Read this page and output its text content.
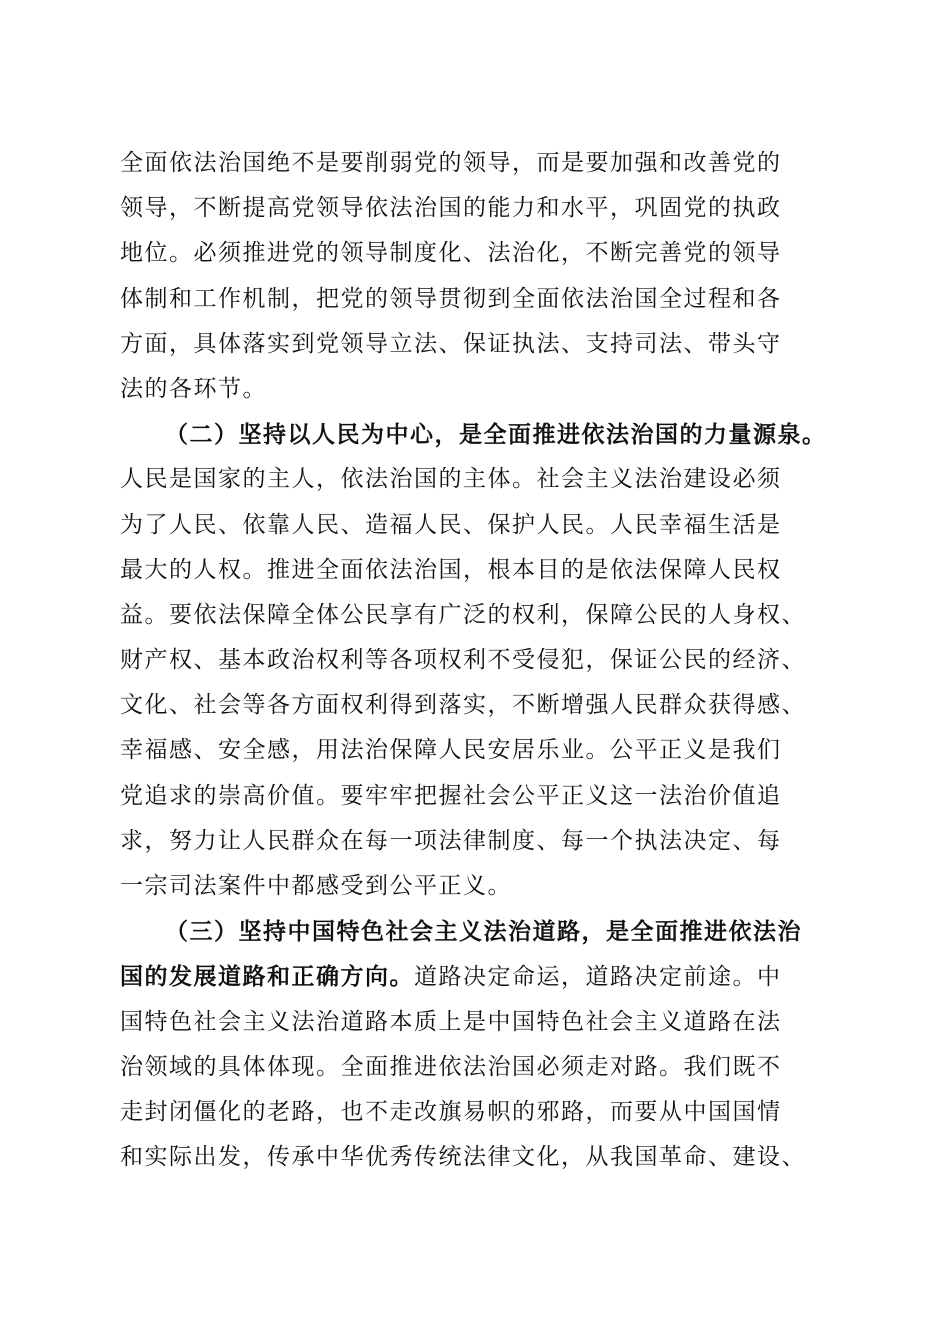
全面依法治国绝不是要削弱党的领导，而是要加强和改善党的
领导，不断提高党领导依法治国的能力和水平，巩固党的执政
地位。必须推进党的领导制度化、法治化，不断完善党的领导
体制和工作机制，把党的领导贯彻到全面依法治国全过程和各
方面，具体落实到党领导立法、保证执法、支持司法、带头守
法的各环节。
（二）坚持以人民为中心，是全面推进依法治国的力量源泉。
人民是国家的主人，依法治国的主体。社会主义法治建设必须
为了人民、依靠人民、造福人民、保护人民。人民幸福生活是
最大的人权。推进全面依法治国，根本目的是依法保障人民权
益。要依法保障全体公民享有广泛的权利，保障公民的人身权、
财产权、基本政治权利等各项权利不受侵犯，保证公民的经济、
文化、社会等各方面权利得到落实，不断增强人民群众获得感、
幸福感、安全感，用法治保障人民安居乐业。公平正义是我们
党追求的崇高价值。要牢牢把握社会公平正义这一法治价值追
求，努力让人民群众在每一项法律制度、每一个执法决定、每
一宗司法案件中都感受到公平正义。
（三）坚持中国特色社会主义法治道路，是全面推进依法治
国的发展道路和正确方向。道路决定命运，道路决定前途。中
国特色社会主义法治道路本质上是中国特色社会主义道路在法
治领域的具体体现。全面推进依法治国必须走对路。我们既不
走封闭僵化的老路，也不走改旗易帜的邪路，而要从中国国情
和实际出发，传承中华优秀传统法律文化，从我国革命、建设、
